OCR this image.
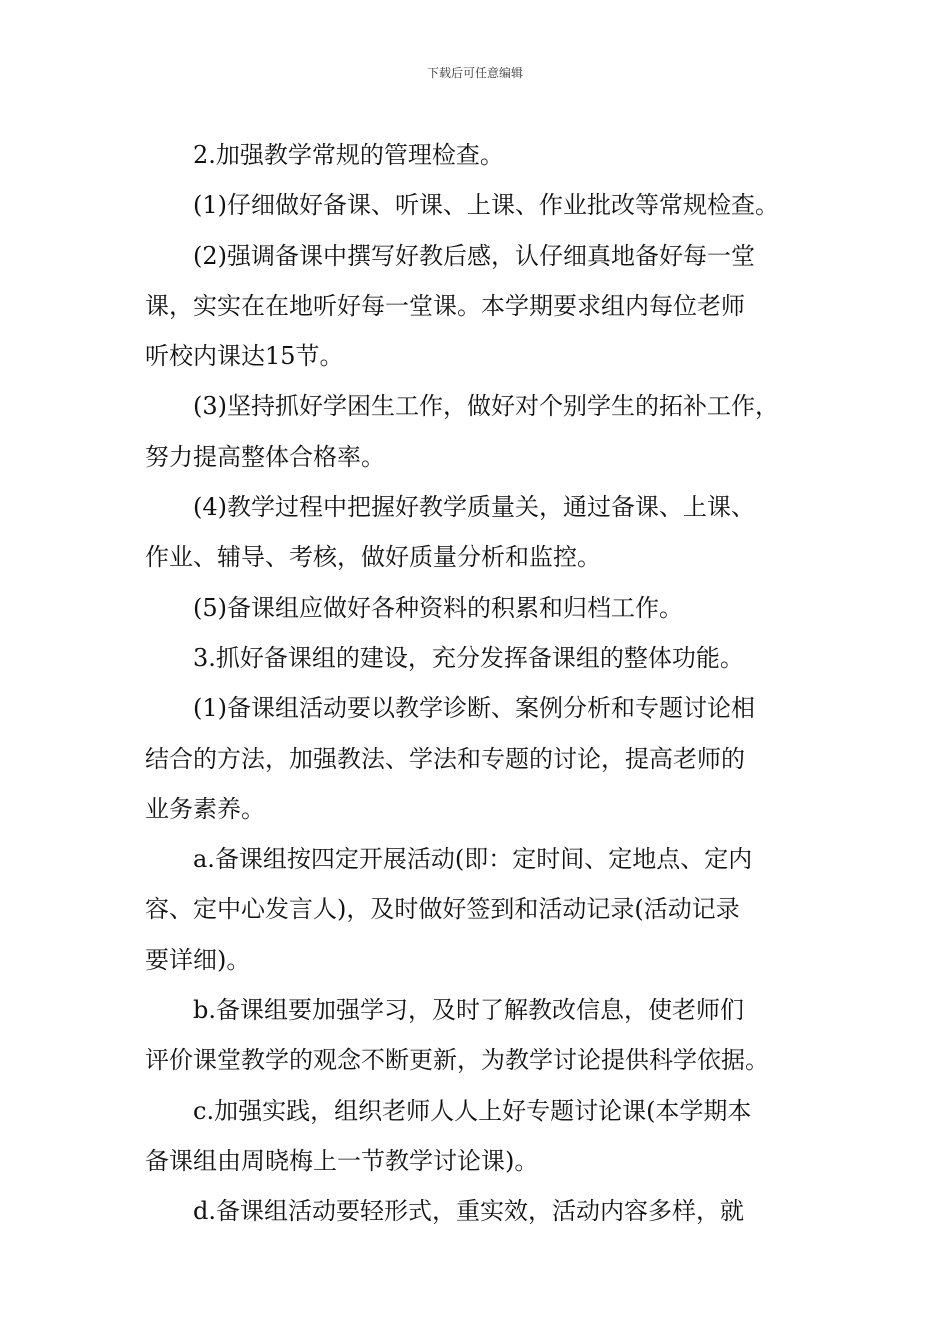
下载后可任意编辑
2.加强教学常规的管理检查。
(1)仔细做好备课、听课、上课、作业批改等常规检查。
(2)强调备课中撰写好教后感，认仔细真地备好每一堂
课，实实在在地听好每一堂课。本学期要求组内每位老师
听校内课达15节。
(3)坚持抓好学困生工作，做好对个别学生的拓补工作，
努力提高整体合格率。
(4)教学过程中把握好教学质量关，通过备课、上课、
作业、辅导、考核，做好质量分析和监控。
(5)备课组应做好各种资料的积累和归档工作。
3.抓好备课组的建设，充分发挥备课组的整体功能。
(1)备课组活动要以教学诊断、案例分析和专题讨论相
结合的方法，加强教法、学法和专题的讨论，提高老师的
业务素养。
a.备课组按四定开展活动(即：定时间、定地点、定内
容、定中心发言人)，及时做好签到和活动记录(活动记录
要详细)。
b.备课组要加强学习，及时了解教改信息，使老师们
评价课堂教学的观念不断更新，为教学讨论提供科学依据。
c.加强实践，组织老师人人上好专题讨论课(本学期本
备课组由周晓梅上一节教学讨论课)。
d.备课组活动要轻形式，重实效，活动内容多样，就
